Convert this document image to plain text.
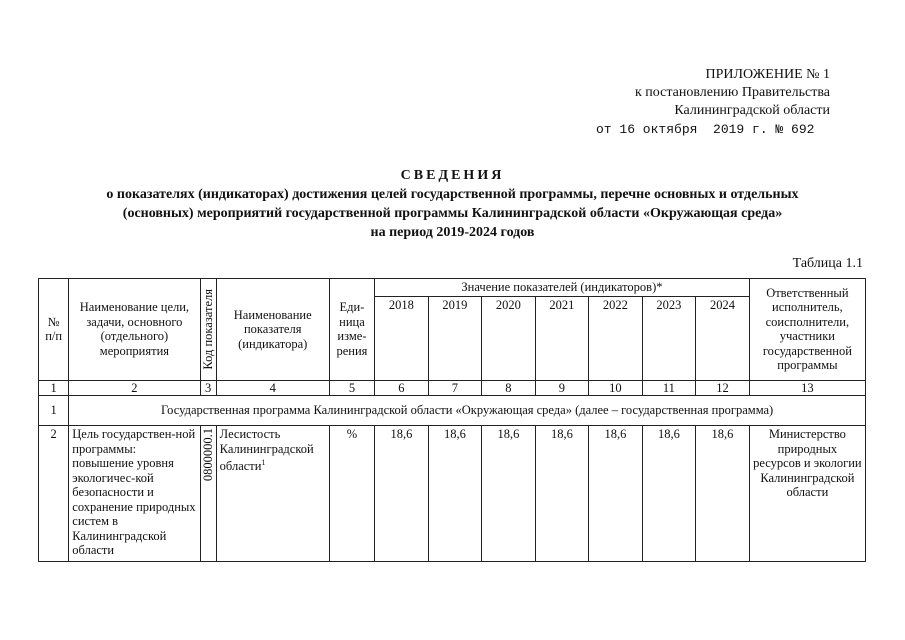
ПРИЛОЖЕНИЕ № 1
к постановлению Правительства
Калининградской области
от 16 октября  2019 г. № 692
СВЕДЕНИЯ
о показателях (индикаторах) достижения целей государственной программы, перечне основных и отдельных
(основных) мероприятий государственной программы Калининградской области «Окружающая среда»
на период 2019-2024 годов
Таблица 1.1
№ п/п	Наименование цели, задачи, основного (отдельного) мероприятия	Код показателя	Наименование показателя (индикатора)	Еди-ница изме-рения	Значение показателей (индикаторов)*							Ответственный исполнитель, соисполнители, участники государственной программы
					2018	2019	2020	2021	2022	2023	2024	
1	2	3	4	5	6	7	8	9	10	11	12	13
1	Государственная программа Калининградской области «Окружающая среда» (далее – государственная программа)											
2	Цель государствен-ной программы: повышение уровня экологичес-кой безопасности и сохранение природных систем в Калининградской области	0800000.1	Лесистость Калининградской области$^1$	%	18,6	18,6	18,6	18,6	18,6	18,6	18,6	Министерство природных ресурсов и экологии Калининградской области
